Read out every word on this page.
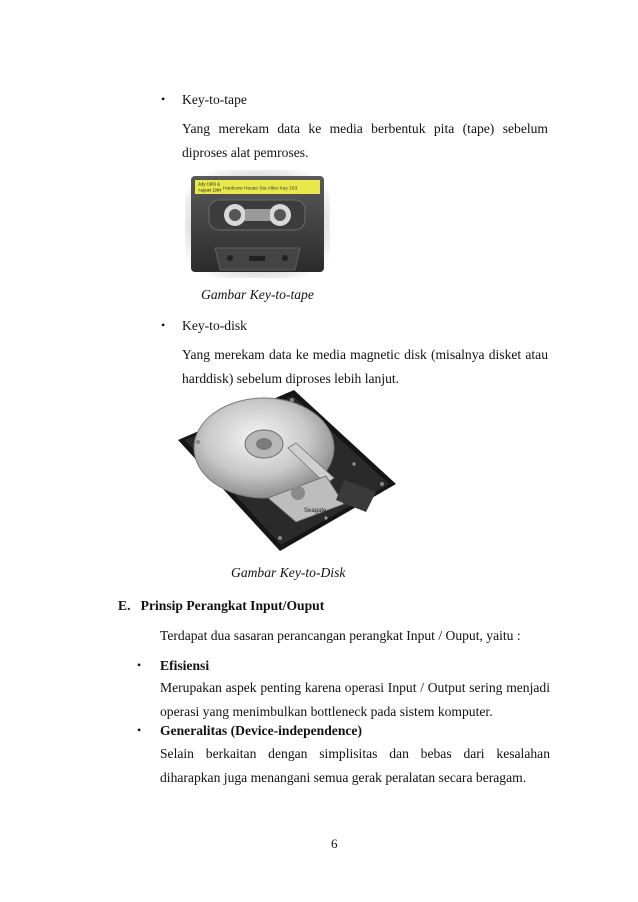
• Key-to-tape
Yang merekam data ke media berbentuk pita (tape) sebelum diproses alat pemroses.
July 1983 &
August 1984 Hardcore House Stu Allen Key 103
Gambar Key-to-tape
• Key-to-disk
Yang merekam data ke media magnetic disk (misalnya disket atau harddisk) sebelum diproses lebih lanjut.
Seagate
Gambar Key-to-Disk
E.   Prinsip Perangkat Input/Ouput
Terdapat dua sasaran perancangan perangkat Input / Ouput, yaitu :
• Efisiensi
Merupakan aspek penting karena operasi Input / Output sering menjadi operasi yang menimbulkan bottleneck pada sistem komputer.
• Generalitas (Device-independence)
Selain berkaitan dengan simplisitas dan bebas dari kesalahan diharapkan juga menangani semua gerak peralatan secara beragam.
6
